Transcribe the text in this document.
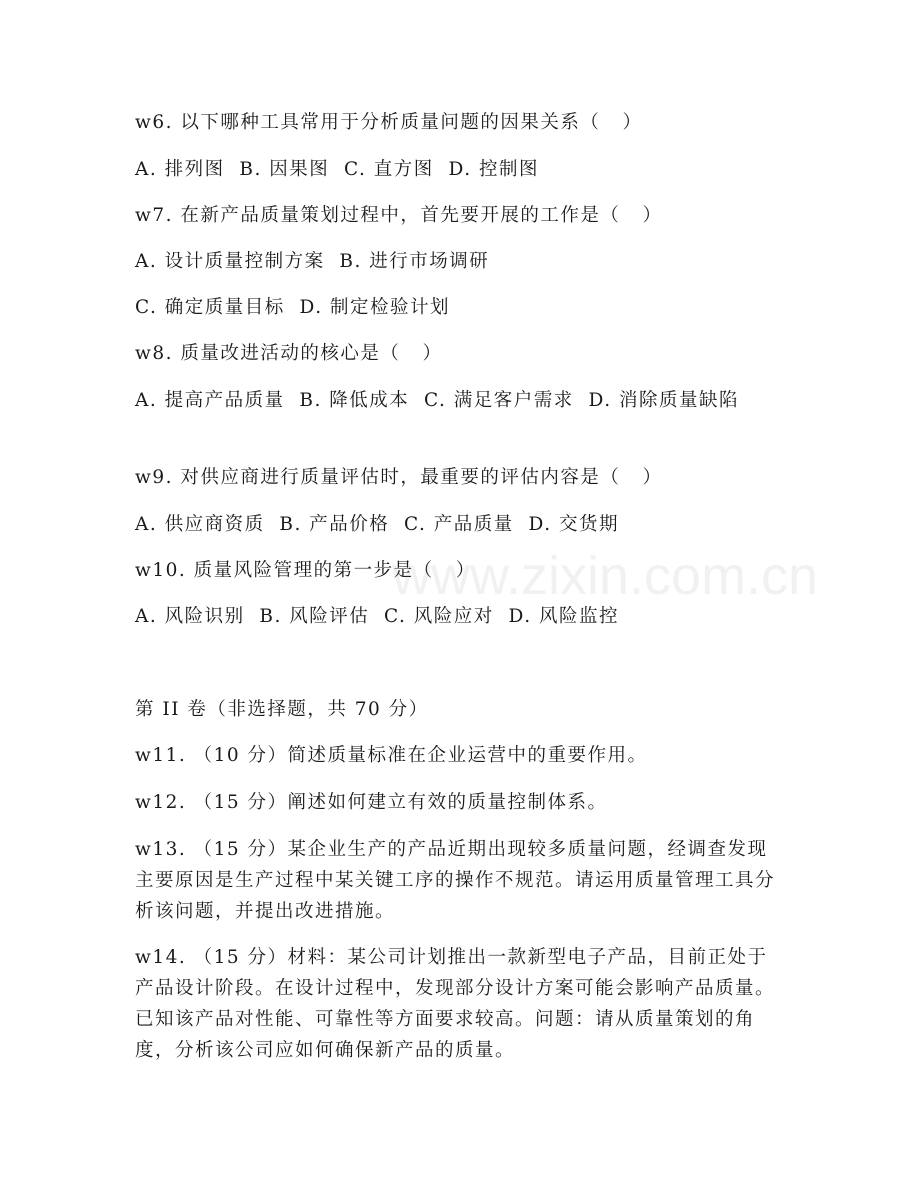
w6. 以下哪种工具常用于分析质量问题的因果关系（   ）
A. 排列图  B. 因果图  C. 直方图  D. 控制图
w7. 在新产品质量策划过程中，首先要开展的工作是（   ）
A. 设计质量控制方案  B. 进行市场调研
C. 确定质量目标  D. 制定检验计划
w8. 质量改进活动的核心是（   ）
A. 提高产品质量  B. 降低成本  C. 满足客户需求  D. 消除质量缺陷
w9. 对供应商进行质量评估时，最重要的评估内容是（   ）
A. 供应商资质  B. 产品价格  C. 产品质量  D. 交货期
w10. 质量风险管理的第一步是（   ）
A. 风险识别  B. 风险评估  C. 风险应对  D. 风险监控
第 II 卷（非选择题，共 70 分）
w11. （10 分）简述质量标准在企业运营中的重要作用。
w12. （15 分）阐述如何建立有效的质量控制体系。
w13. （15 分）某企业生产的产品近期出现较多质量问题，经调查发现主要原因是生产过程中某关键工序的操作不规范。请运用质量管理工具分析该问题，并提出改进措施。
w14. （15 分）材料：某公司计划推出一款新型电子产品，目前正处于产品设计阶段。在设计过程中，发现部分设计方案可能会影响产品质量。已知该产品对性能、可靠性等方面要求较高。问题：请从质量策划的角度，分析该公司应如何确保新产品的质量。
www.zixin.com.cn
